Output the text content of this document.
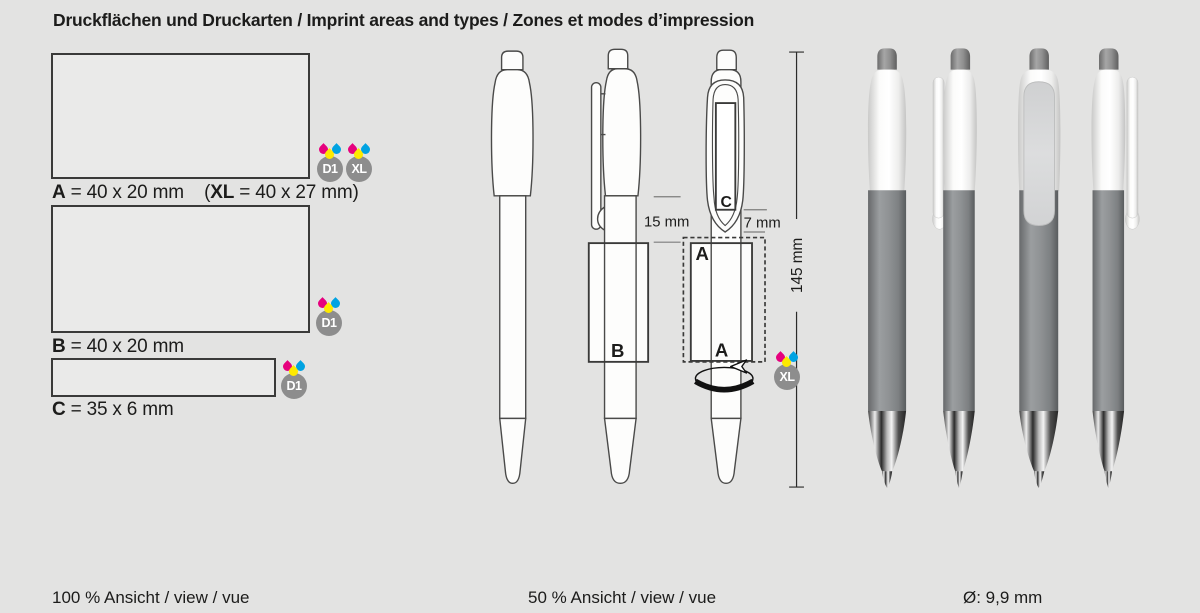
Druckflächen und Druckarten / Imprint areas and types / Zones et modes d’impression
A = 40 x 20 mm    (XL = 40 x 27 mm)
B = 40 x 20 mm
C = 35 x 6 mm
D1	XL
D1
D1
XL
C
B
A
A
15 mm	7 mm
145 mm
100 % Ansicht / view / vue	50 % Ansicht / view / vue	Ø: 9,9 mm
